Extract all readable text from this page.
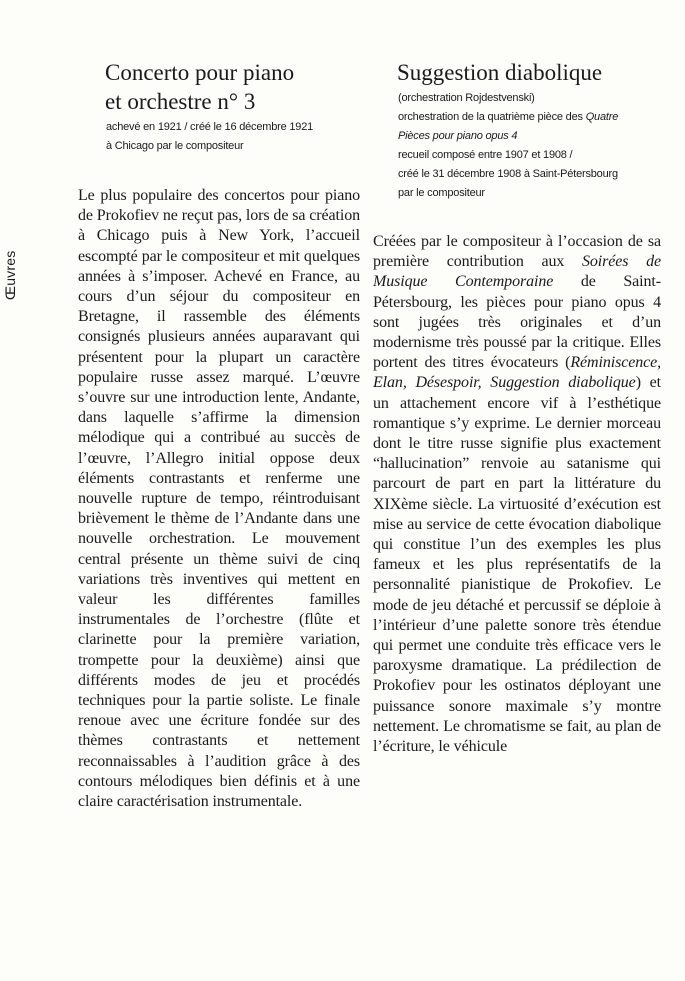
Œuvres
Concerto pour piano
et orchestre n° 3
achevé en 1921 / créé le 16 décembre 1921
à Chicago par le compositeur
Le plus populaire des concertos pour piano de Prokofiev ne reçut pas, lors de sa création à Chicago puis à New York, l’accueil escompté par le compositeur et mit quelques années à s’imposer. Achevé en France, au cours d’un séjour du compositeur en Bretagne, il rassemble des éléments consignés plusieurs années auparavant qui présentent pour la plupart un caractère populaire russe assez marqué. L’œuvre s’ouvre sur une introduction lente, Andante, dans laquelle s’affirme la dimension mélodique qui a contribué au succès de l’œuvre, l’Allegro initial oppose deux éléments contrastants et renferme une nouvelle rupture de tempo, réintroduisant brièvement le thème de l’Andante dans une nouvelle orchestration. Le mouvement central présente un thème suivi de cinq variations très inventives qui mettent en valeur les différentes familles instrumentales de l’orchestre (flûte et clarinette pour la première variation, trompette pour la deuxième) ainsi que différents modes de jeu et procédés techniques pour la partie soliste. Le finale renoue avec une écriture fondée sur des thèmes contrastants et nettement reconnaissables à l’audition grâce à des contours mélodiques bien définis et à une claire caractérisation instrumentale.
Suggestion diabolique
(orchestration Rojdestvenski)
orchestration de la quatrième pièce des Quatre
Pièces pour piano opus 4
recueil composé entre 1907 et 1908 /
créé le 31 décembre 1908 à Saint-Pétersbourg
par le compositeur
Créées par le compositeur à l’occasion de sa première contribution aux Soirées de Musique Contemporaine de Saint-Pétersbourg, les pièces pour piano opus 4 sont jugées très originales et d’un modernisme très poussé par la critique. Elles portent des titres évocateurs (Réminiscence, Elan, Désespoir, Suggestion diabolique) et un attachement encore vif à l’esthétique romantique s’y exprime. Le dernier morceau dont le titre russe signifie plus exactement “hallucination” renvoie au satanisme qui parcourt de part en part la littérature du XIXème siècle. La virtuosité d’exécution est mise au service de cette évocation diabolique qui constitue l’un des exemples les plus fameux et les plus représentatifs de la personnalité pianistique de Prokofiev. Le mode de jeu détaché et percussif se déploie à l’intérieur d’une palette sonore très étendue qui permet une conduite très efficace vers le paroxysme dramatique. La prédilection de Prokofiev pour les ostinatos déployant une puissance sonore maximale s’y montre nettement. Le chromatisme se fait, au plan de l’écriture, le véhicule
